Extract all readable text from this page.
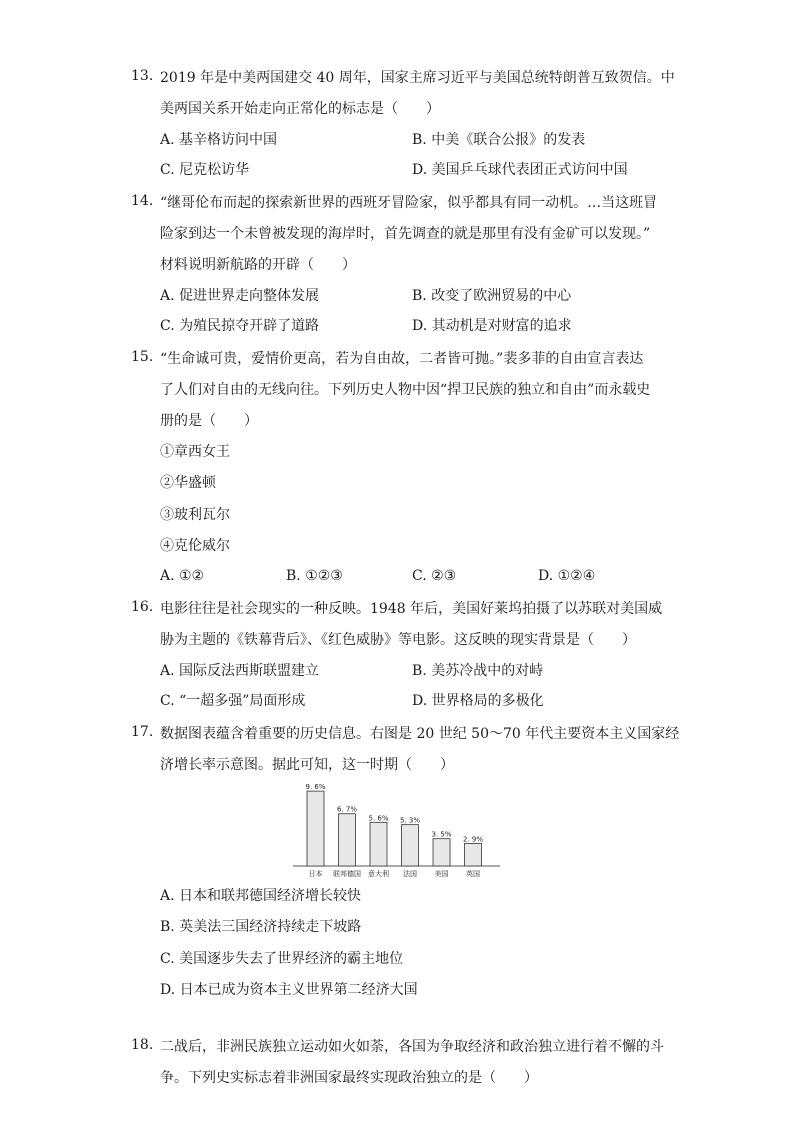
13. 2019 年是中美两国建交 40 周年，国家主席习近平与美国总统特朗普互致贺信。中
美两国关系开始走向正常化的标志是（　　）
A. 基辛格访问中国	B. 中美《联合公报》的发表
C. 尼克松访华	D. 美国乒乓球代表团正式访问中国
14. “继哥伦布而起的探索新世界的西班牙冒险家，似乎都具有同一动机。…当这班冒
险家到达一个未曾被发现的海岸时，首先调查的就是那里有没有金矿可以发现。”
材料说明新航路的开辟（　　）
A. 促进世界走向整体发展	B. 改变了欧洲贸易的中心
C. 为殖民掠夺开辟了道路	D. 其动机是对财富的追求
15. “生命诚可贵，爱情价更高，若为自由故，二者皆可抛。”裴多菲的自由宣言表达
了人们对自由的无线向往。下列历史人物中因“捍卫民族的独立和自由”而永载史
册的是（　　）
①章西女王
②华盛顿
③玻利瓦尔
④克伦威尔
A. ①②	B. ①②③	C. ②③	D. ①②④
16. 电影往往是社会现实的一种反映。1948 年后，美国好莱坞拍摄了以苏联对美国威
胁为主题的《铁幕背后》、《红色威胁》等电影。这反映的现实背景是（　　）
A. 国际反法西斯联盟建立	B. 美苏冷战中的对峙
C. “一超多强”局面形成	D. 世界格局的多极化
17. 数据图表蕴含着重要的历史信息。右图是 20 世纪 50～70 年代主要资本主义国家经
济增长率示意图。据此可知，这一时期（　　）
A. 日本和联邦德国经济增长较快
B. 英美法三国经济持续走下坡路
C. 美国逐步失去了世界经济的霸主地位
D. 日本已成为资本主义世界第二经济大国
9. 6%
日本
6. 7%
联邦德国
5. 6%
意大利
5. 3%
法国
3. 5%
美国
2. 9%
英国
18. 二战后，非洲民族独立运动如火如荼，各国为争取经济和政治独立进行着不懈的斗
争。下列史实标志着非洲国家最终实现政治独立的是（　　）
